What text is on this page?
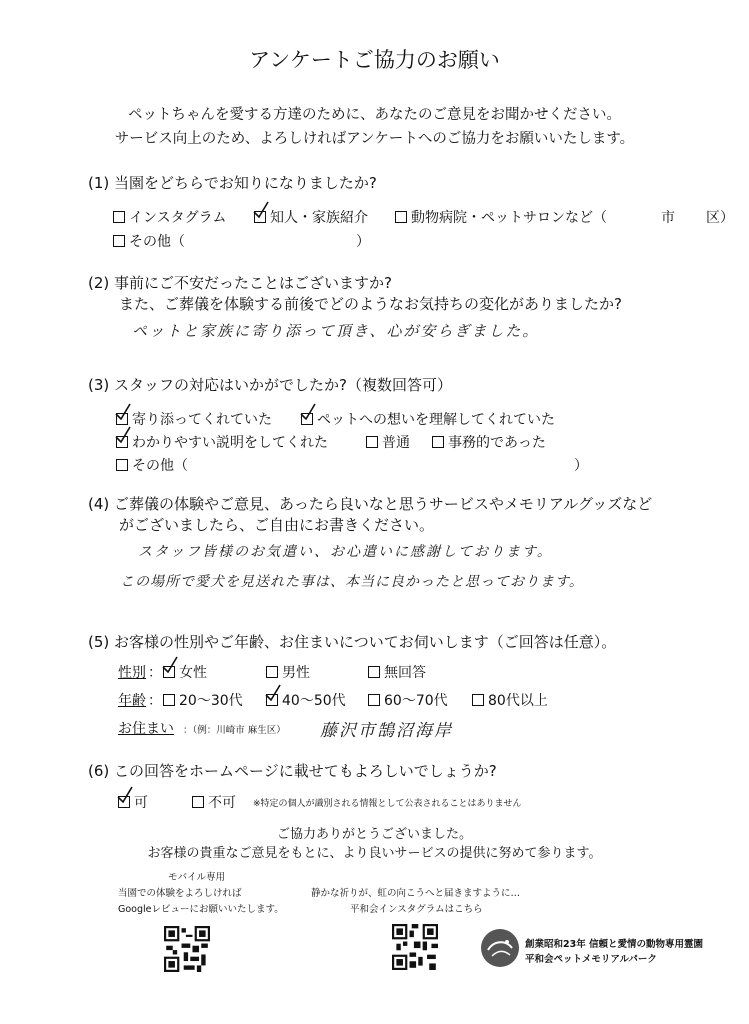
アンケートご協力のお願い
ペットちゃんを愛する方達のために、あなたのご意見をお聞かせください。
サービス向上のため、よろしければアンケートへのご協力をお願いいたします。
(1) 当園をどちらでお知りになりましたか?
インスタグラム	知人・家族紹介	動物病院・ペットサロンなど（	市 区）
その他（	）
(2) 事前にご不安だったことはございますか?
また、ご葬儀を体験する前後でどのようなお気持ちの変化がありましたか?
ペットと家族に寄り添って頂き、心が安らぎました。
(3) スタッフの対応はいかがでしたか?（複数回答可）
寄り添ってくれていた	ペットへの想いを理解してくれていた
わかりやすい説明をしてくれた	普通	事務的であった
その他（	）
(4) ご葬儀の体験やご意見、あったら良いなと思うサービスやメモリアルグッズなど
がございましたら、ご自由にお書きください。
スタッフ皆様のお気遣い、お心遣いに感謝しております。
この場所で愛犬を見送れた事は、本当に良かったと思っております。
(5) お客様の性別やご年齢、お住まいについてお伺いします（ご回答は任意）。
性別 ：	女性	男性	無回答
年齢 ：	20〜30代	40〜50代	60〜70代	80代以上
お住まい ：（例：川崎市 麻生区） 藤沢市鵠沼海岸
(6) この回答をホームページに載せてもよろしいでしょうか?
可	不可 ※特定の個人が識別される情報として公表されることはありません
ご協力ありがとうございました。
お客様の貴重なご意見をもとに、より良いサービスの提供に努めて参ります。
モバイル専用
当園での体験をよろしければ
Googleレビューにお願いいたします。
静かな祈りが、虹の向こうへと届きますように…
平和会インスタグラムはこちら
創業昭和23年 信頼と愛情の動物専用霊園
平和会ペットメモリアルパーク
